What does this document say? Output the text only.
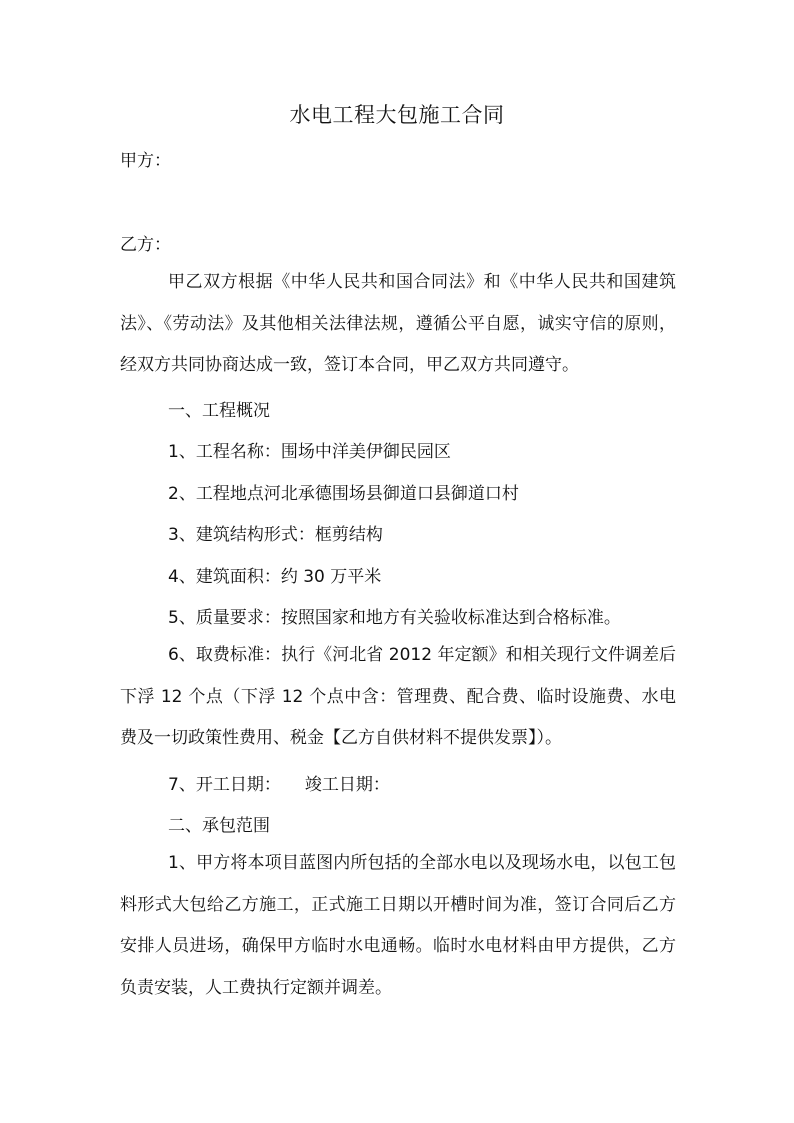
水电工程大包施工合同
甲方：
乙方：
甲乙双方根据《中华人民共和国合同法》和《中华人民共和国建筑法》、《劳动法》及其他相关法律法规，遵循公平自愿，诚实守信的原则，经双方共同协商达成一致，签订本合同，甲乙双方共同遵守。
一、工程概况
1、工程名称：围场中洋美伊御民园区
2、工程地点河北承德围场县御道口县御道口村
3、建筑结构形式：框剪结构
4、建筑面积：约 30 万平米
5、质量要求：按照国家和地方有关验收标准达到合格标准。
6、取费标准：执行《河北省 2012 年定额》和相关现行文件调差后下浮 12 个点（下浮 12 个点中含：管理费、配合费、临时设施费、水电费及一切政策性费用、税金【乙方自供材料不提供发票】）。
7、开工日期： 竣工日期：
二、承包范围
1、甲方将本项目蓝图内所包括的全部水电以及现场水电，以包工包料形式大包给乙方施工，正式施工日期以开槽时间为准，签订合同后乙方安排人员进场，确保甲方临时水电通畅。临时水电材料由甲方提供，乙方负责安装，人工费执行定额并调差。
